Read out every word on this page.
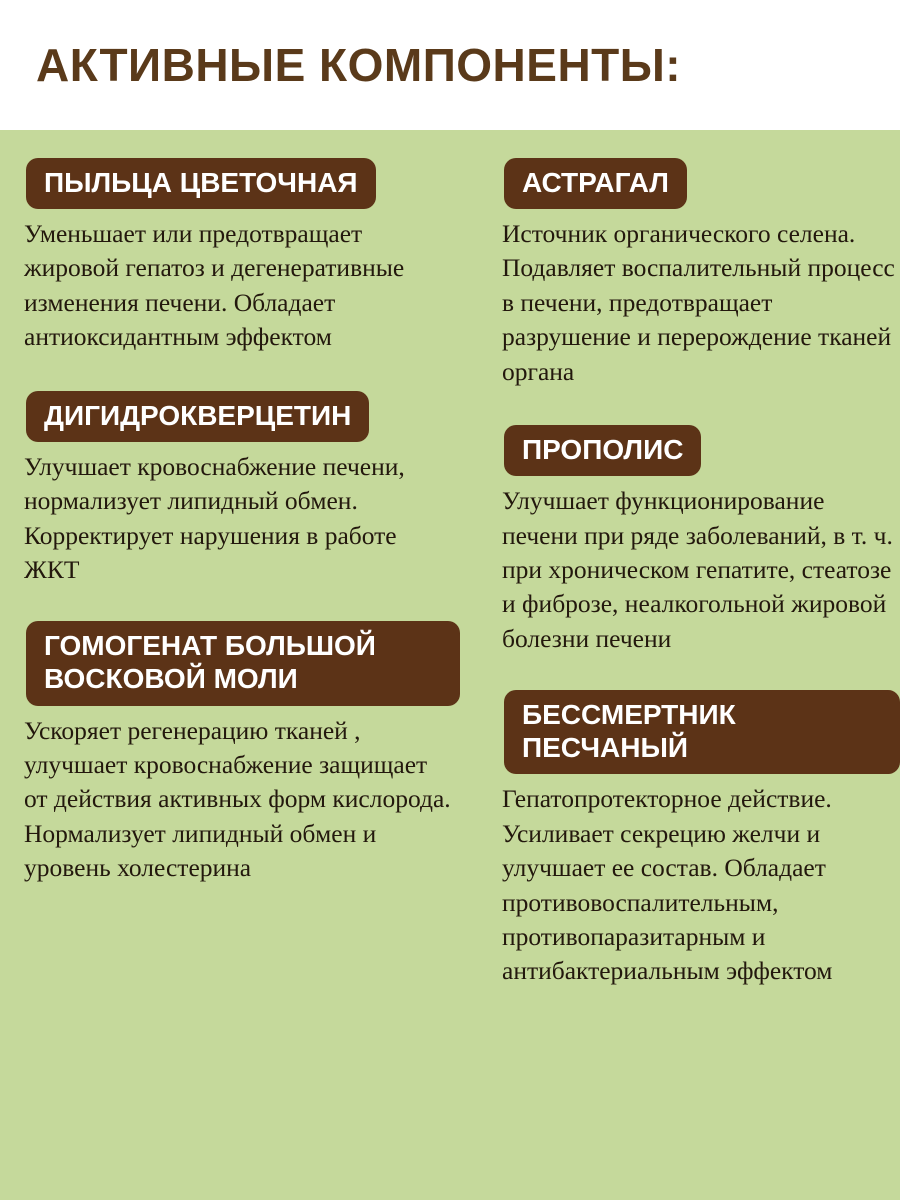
АКТИВНЫЕ КОМПОНЕНТЫ:
ПЫЛЬЦА ЦВЕТОЧНАЯ
Уменьшает или предотвращает жировой гепатоз и дегенеративные изменения печени. Обладает антиоксидантным эффектом
ДИГИДРОКВЕРЦЕТИН
Улучшает кровоснабжение печени, нормализует липидный обмен. Корректирует нарушения в работе ЖКТ
ГОМОГЕНАТ БОЛЬШОЙ ВОСКОВОЙ МОЛИ
Ускоряет регенерацию тканей , улучшает кровоснабжение защищает от действия активных форм кислорода. Нормализует липидный обмен и уровень холестерина
АСТРАГАЛ
Источник органического селена. Подавляет воспалительный процесс в печени, предотвращает разрушение и перерождение тканей органа
ПРОПОЛИС
Улучшает функционирование печени при ряде заболеваний, в т. ч. при хроническом гепатите, стеатозе и фиброзе, неалкогольной жировой болезни печени
БЕССМЕРТНИК ПЕСЧАНЫЙ
Гепатопротекторное действие. Усиливает секрецию желчи и улучшает ее состав. Обладает противовоспалительным, противопаразитарным и антибактериальным эффектом
